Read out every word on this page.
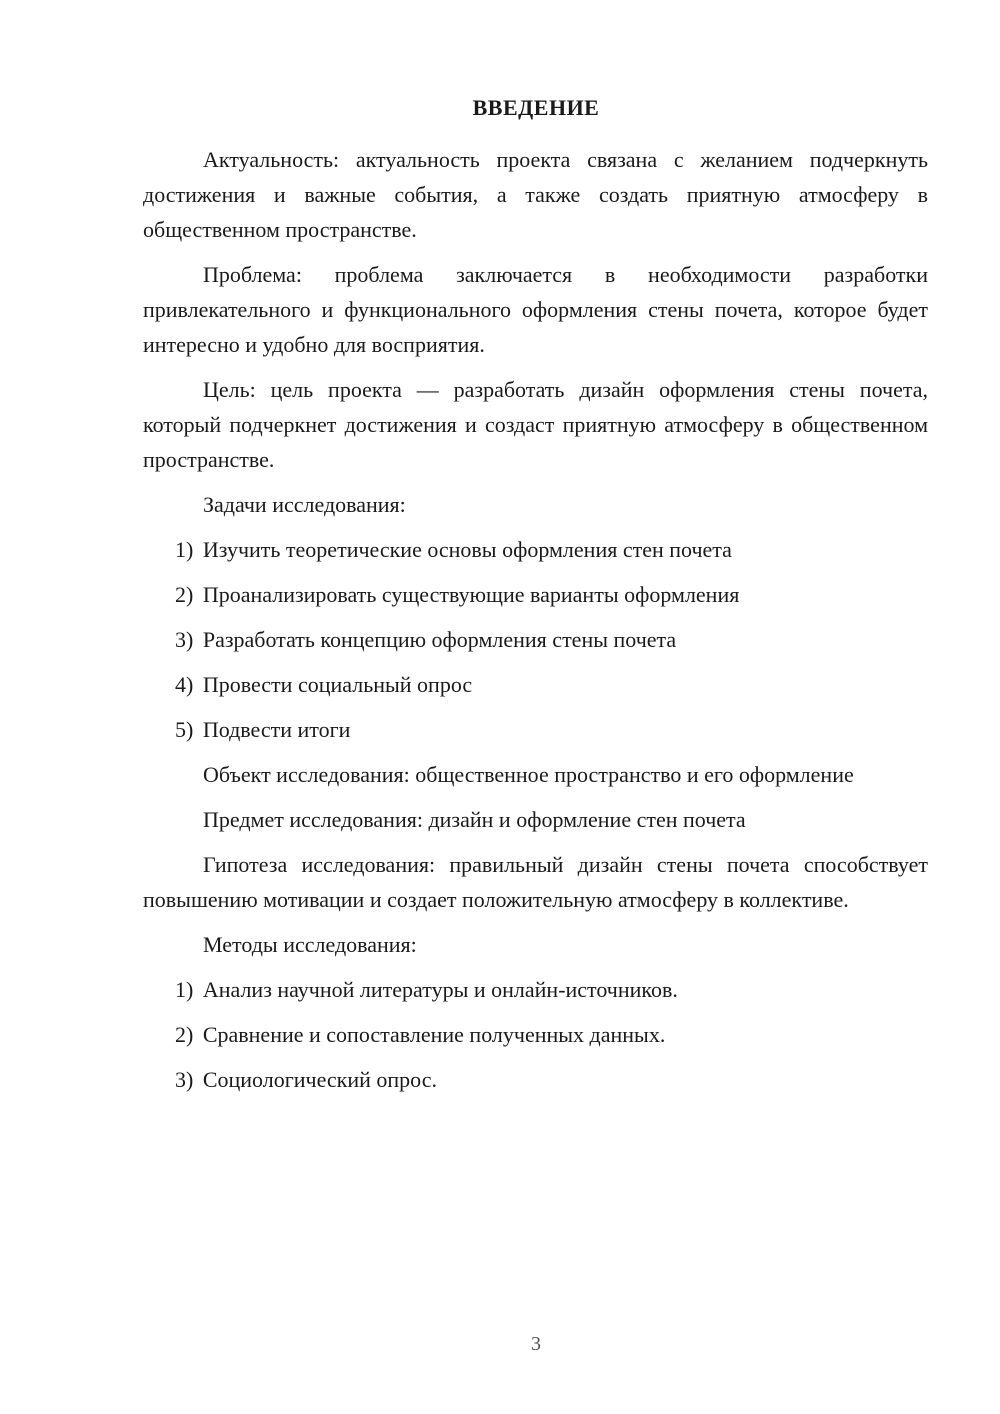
ВВЕДЕНИЕ

Актуальность: актуальность проекта связана с желанием подчеркнуть достижения и важные события, а также создать приятную атмосферу в общественном пространстве.

Проблема: проблема заключается в необходимости разработки привлекательного и функционального оформления стены почета, которое будет интересно и удобно для восприятия.

Цель: цель проекта — разработать дизайн оформления стены почета, который подчеркнет достижения и создаст приятную атмосферу в общественном пространстве.

Задачи исследования:

1) Изучить теоретические основы оформления стен почета

2) Проанализировать существующие варианты оформления

3) Разработать концепцию оформления стены почета

4) Провести социальный опрос

5) Подвести итоги

Объект исследования: общественное пространство и его оформление

Предмет исследования: дизайн и оформление стен почета

Гипотеза исследования: правильный дизайн стены почета способствует повышению мотивации и создает положительную атмосферу в коллективе.

Методы исследования:

1) Анализ научной литературы и онлайн-источников.

2) Сравнение и сопоставление полученных данных.

3) Социологический опрос.

3
